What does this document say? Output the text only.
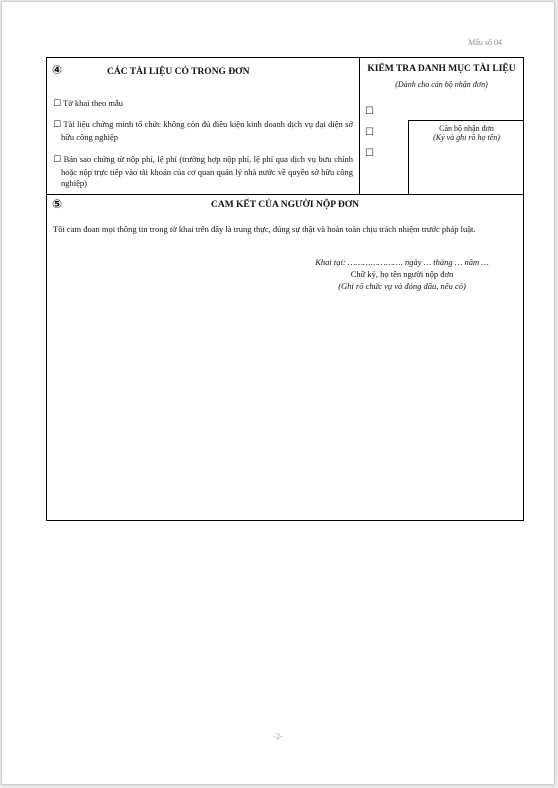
Mẫu số 04
④	CÁC TÀI LIỆU CÓ TRONG ĐƠN
☐ Tờ khai theo mẫu
☐ Tài liệu chứng minh tổ chức không còn đủ điều kiện kinh doanh dịch vụ đại diện sở hữu công nghiệp
☐ Bản sao chứng từ nộp phí, lệ phí (trường hợp nộp phí, lệ phí qua dịch vụ bưu chính hoặc nộp trực tiếp vào tài khoản của cơ quan quản lý nhà nước về quyền sở hữu công nghiệp)
KIỂM TRA DANH MỤC TÀI LIỆU
(Dành cho cán bộ nhận đơn)
☐
☐
☐
Cán bộ nhận đơn
(Ký và ghi rõ họ tên)
⑤	CAM KẾT CỦA NGƯỜI NỘP ĐƠN
Tôi cam đoan mọi thông tin trong tờ khai trên đây là trung thực, đúng sự thật và hoàn toàn chịu trách nhiệm trước pháp luật.
Khai tại: …………………. ngày … tháng … năm …
Chữ ký, họ tên người nộp đơn
(Ghi rõ chức vụ và đóng dấu, nếu có)
-2-
